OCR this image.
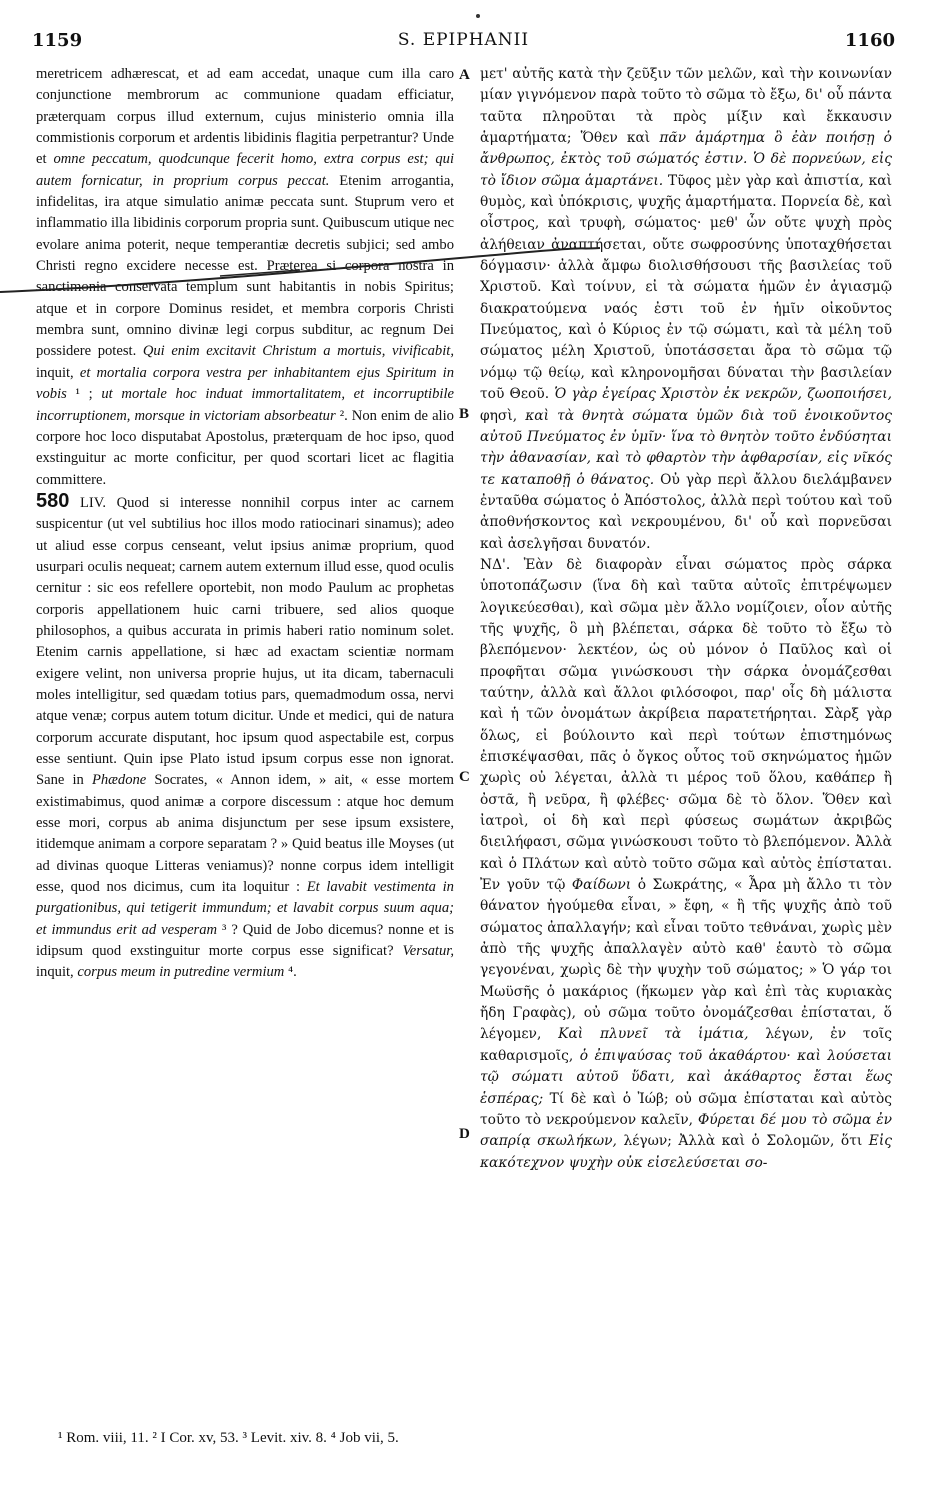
1159	S. EPIPHANII	1160
A
B
C
D

meretricem adhærescat, et ad eam accedat, unaque cum illa caro conjunctione membrorum ac communione quadam efficiatur, præterquam corpus illud externum, cujus ministerio omnia illa commistionis corporum et ardentis libidinis flagitia perpetrantur? Unde et omne peccatum, quodcunque fecerit homo, extra corpus est; qui autem fornicatur, in proprium corpus peccat. Etenim arrogantia, infidelitas, ira atque simulatio animæ peccata sunt. Stuprum vero et inflammatio illa libidinis corporum propria sunt. Quibuscum utique nec evolare anima poterit, neque temperantiæ decretis subjici; sed ambo Christi regno excidere necesse est. Præterea si corpora nostra in sanctimonia conservata templum sunt habitantis in nobis Spiritus; atque et in corpore Dominus residet, et membra corporis Christi membra sunt, omnino divinæ legi corpus subditur, ac regnum Dei possidere potest. Qui enim excitavit Christum a mortuis, vivificabit, inquit, et mortalia corpora vestra per inhabitantem ejus Spiritum in vobis ¹ ; ut mortale hoc induat immortalitatem, et incorruptibile incorruptionem, morsque in victoriam absorbeatur ². Non enim de alio corpore hoc loco disputabat Apostolus, præterquam de hoc ipso, quod exstinguitur ac morte conficitur, per quod scortari licet ac flagitia committere.

580 LIV. Quod si interesse nonnihil corpus inter ac carnem suspicentur (ut vel subtilius hoc illos modo ratiocinari sinamus); adeo ut aliud esse corpus censeant, velut ipsius animæ proprium, quod usurpari oculis nequeat; carnem autem externum illud esse, quod oculis cernitur : sic eos refellere oportebit, non modo Paulum ac prophetas corporis appellationem huic carni tribuere, sed alios quoque philosophos, a quibus accurata in primis haberi ratio nominum solet. Etenim carnis appellatione, si hæc ad exactam scientiæ normam exigere velint, non universa proprie hujus, ut ita dicam, tabernaculi moles intelligitur, sed quædam totius pars, quemadmodum ossa, nervi atque venæ; corpus autem totum dicitur. Unde et medici, qui de natura corporum accurate disputant, hoc ipsum quod aspectabile est, corpus esse sentiunt. Quin ipse Plato istud ipsum corpus esse non ignorat. Sane in Phædone Socrates, « Annon idem, » ait, « esse mortem existimabimus, quod animæ a corpore discessum : atque hoc demum esse mori, corpus ab anima disjunctum per sese ipsum exsistere, itidemque animam a corpore separatam ? » Quid beatus ille Moyses (ut ad divinas quoque Litteras veniamus)? nonne corpus idem intelligit esse, quod nos dicimus, cum ita loquitur : Et lavabit vestimenta in purgationibus, qui tetigerit immundum; et lavabit corpus suum aqua; et immundus erit ad vesperam ³ ? Quid de Jobo dicemus? nonne et is idipsum quod exstinguitur morte corpus esse significat? Versatur, inquit, corpus meum in putredine vermium ⁴.

μετ' αὐτῆς κατὰ τὴν ζεῦξιν τῶν μελῶν, καὶ τὴν κοινωνίαν μίαν γιγνόμενον παρὰ τοῦτο τὸ σῶμα τὸ ἔξω, δι' οὗ πάντα ταῦτα πληροῦται τὰ πρὸς μίξιν καὶ ἔκκαυσιν ἁμαρτήματα; Ὅθεν καὶ πᾶν ἁμάρτημα ὃ ἐὰν ποιήσῃ ὁ ἄνθρωπος, ἐκτὸς τοῦ σώματός ἐστιν. Ὁ δὲ πορνεύων, εἰς τὸ ἴδιον σῶμα ἁμαρτάνει. Τῦφος μὲν γὰρ καὶ ἀπιστία, καὶ θυμὸς, καὶ ὑπόκρισις, ψυχῆς ἁμαρτήματα. Πορνεία δὲ, καὶ οἶστρος, καὶ τρυφὴ, σώματος· μεθ' ὧν οὔτε ψυχὴ πρὸς ἀλήθειαν ἀναπτήσεται, οὔτε σωφροσύνης ὑποταχθήσεται δόγμασιν· ἀλλὰ ἄμφω διολισθήσουσι τῆς βασιλείας τοῦ Χριστοῦ. Καὶ τοίνυν, εἰ τὰ σώματα ἡμῶν ἐν ἁγιασμῷ διακρατούμενα ναός ἐστι τοῦ ἐν ἡμῖν οἰκοῦντος Πνεύματος, καὶ ὁ Κύριος ἐν τῷ σώματι, καὶ τὰ μέλη τοῦ σώματος μέλη Χριστοῦ, ὑποτάσσεται ἄρα τὸ σῶμα τῷ νόμῳ τῷ θείῳ, καὶ κληρονομῆσαι δύναται τὴν βασιλείαν τοῦ Θεοῦ. Ὁ γὰρ ἐγείρας Χριστὸν ἐκ νεκρῶν, ζωοποιήσει, φησὶ, καὶ τὰ θνητὰ σώματα ὑμῶν διὰ τοῦ ἐνοικοῦντος αὐτοῦ Πνεύματος ἐν ὑμῖν· ἵνα τὸ θνητὸν τοῦτο ἐνδύσηται τὴν ἀθανασίαν, καὶ τὸ φθαρτὸν τὴν ἀφθαρσίαν, εἰς νῖκός τε καταποθῇ ὁ θάνατος. Οὐ γὰρ περὶ ἄλλου διελάμβανεν ἐνταῦθα σώματος ὁ Ἀπόστολος, ἀλλὰ περὶ τούτου καὶ τοῦ ἀποθνήσκοντος καὶ νεκρουμένου, δι' οὗ καὶ πορνεῦσαι καὶ ἀσελγῆσαι δυνατόν.

ΝΔ'. Ἐὰν δὲ διαφορὰν εἶναι σώματος πρὸς σάρκα ὑποτοπάζωσιν (ἵνα δὴ καὶ ταῦτα αὐτοῖς ἐπιτρέψωμεν λογικεύεσθαι), καὶ σῶμα μὲν ἄλλο νομίζοιεν, οἷον αὐτῆς τῆς ψυχῆς, ὃ μὴ βλέπεται, σάρκα δὲ τοῦτο τὸ ἔξω τὸ βλεπόμενον· λεκτέον, ὡς οὐ μόνον ὁ Παῦλος καὶ οἱ προφῆται σῶμα γινώσκουσι τὴν σάρκα ὀνομάζεσθαι ταύτην, ἀλλὰ καὶ ἄλλοι φιλόσοφοι, παρ' οἷς δὴ μάλιστα καὶ ἡ τῶν ὀνομάτων ἀκρίβεια παρατετήρηται. Σὰρξ γὰρ ὅλως, εἰ βούλοιντο καὶ περὶ τούτων ἐπιστημόνως ἐπισκέψασθαι, πᾶς ὁ ὄγκος οὗτος τοῦ σκηνώματος ἡμῶν χωρὶς οὐ λέγεται, ἀλλὰ τι μέρος τοῦ ὅλου, καθάπερ ἢ ὀστᾶ, ἢ νεῦρα, ἢ φλέβες· σῶμα δὲ τὸ ὅλον. Ὅθεν καὶ ἰατροὶ, οἱ δὴ καὶ περὶ φύσεως σωμάτων ἀκριβῶς διειλήφασι, σῶμα γινώσκουσι τοῦτο τὸ βλεπόμενον. Ἀλλὰ καὶ ὁ Πλάτων καὶ αὐτὸ τοῦτο σῶμα καὶ αὐτὸς ἐπίσταται. Ἐν γοῦν τῷ Φαίδωνι ὁ Σωκράτης, « Ἆρα μὴ ἄλλο τι τὸν θάνατον ἡγούμεθα εἶναι, » ἔφη, « ἢ τῆς ψυχῆς ἀπὸ τοῦ σώματος ἀπαλλαγήν; καὶ εἶναι τοῦτο τεθνάναι, χωρὶς μὲν ἀπὸ τῆς ψυχῆς ἀπαλλαγὲν αὐτὸ καθ' ἑαυτὸ τὸ σῶμα γεγονέναι, χωρὶς δὲ τὴν ψυχὴν τοῦ σώματος; » Ὁ γάρ τοι Μωϋσῆς ὁ μακάριος (ἥκωμεν γὰρ καὶ ἐπὶ τὰς κυριακὰς ἤδη Γραφὰς), οὐ σῶμα τοῦτο ὀνομάζεσθαι ἐπίσταται, ὅ λέγομεν, Καὶ πλυνεῖ τὰ ἱμάτια, λέγων, ἐν τοῖς καθαρισμοῖς, ὁ ἐπιψαύσας τοῦ ἀκαθάρτου· καὶ λούσεται τῷ σώματι αὐτοῦ ὕδατι, καὶ ἀκάθαρτος ἔσται ἕως ἑσπέρας; Τί δὲ καὶ ὁ Ἰώβ; οὐ σῶμα ἐπίσταται καὶ αὐτὸς τοῦτο τὸ νεκρούμενον καλεῖν, Φύρεται δέ μου τὸ σῶμα ἐν σαπρίᾳ σκωλήκων, λέγων; Ἀλλὰ καὶ ὁ Σολομῶν, ὅτι Εἰς κακότεχνον ψυχὴν οὐκ εἰσελεύσεται σο-

¹ Rom. viii, 11. ² I Cor. xv, 53. ³ Levit. xiv. 8. ⁴ Job vii, 5.
